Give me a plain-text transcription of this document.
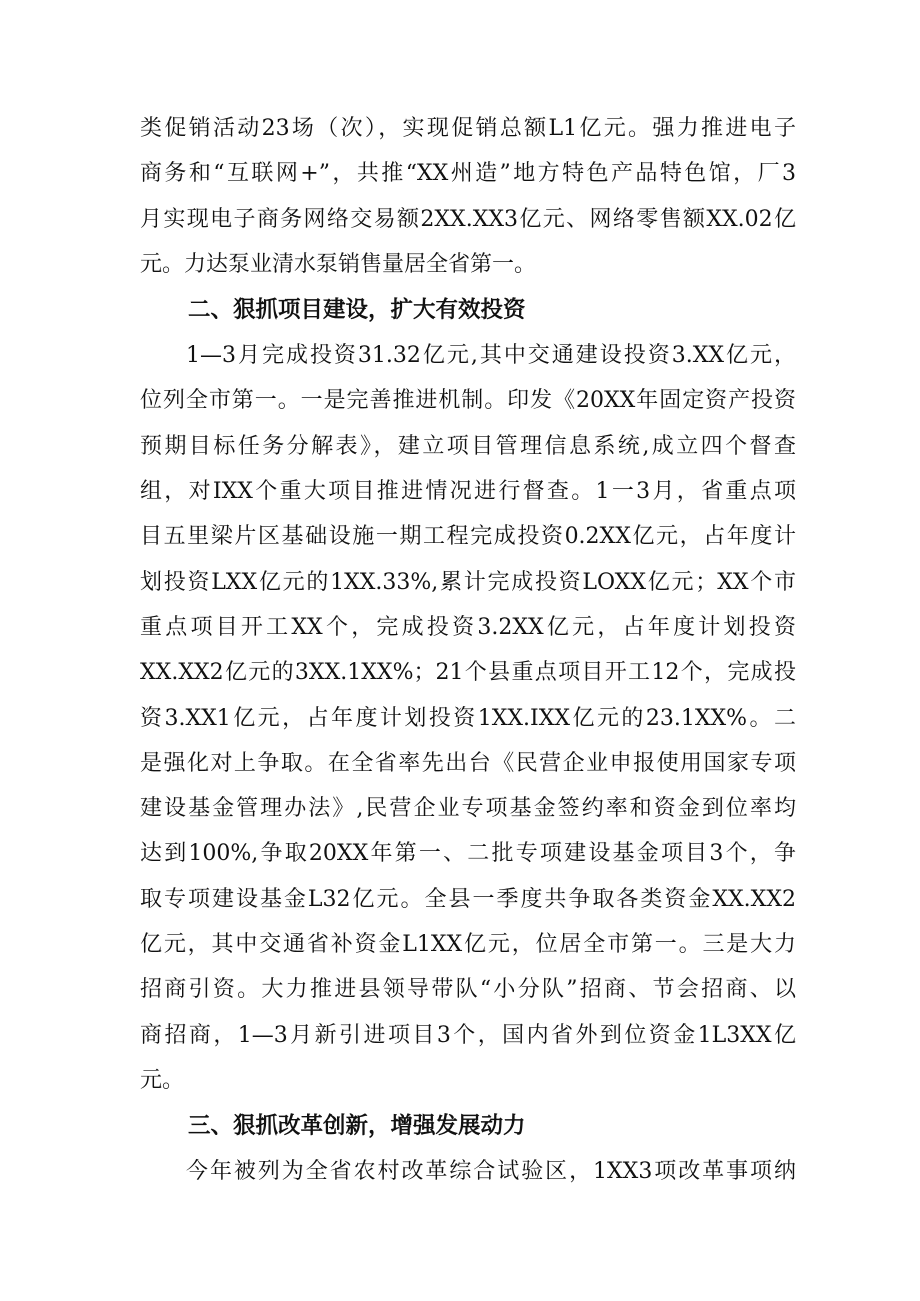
类促销活动23场（次），实现促销总额L1亿元。强力推进电子
商务和“互联网+”，共推“XX州造”地方特色产品特色馆，厂3
月实现电子商务网络交易额2XX.XX3亿元、网络零售额XX.02亿
元。力达泵业清水泵销售量居全省第一。
二、狠抓项目建设，扩大有效投资
1—3月完成投资31.32亿元,其中交通建设投资3.XX亿元，
位列全市第一。一是完善推进机制。印发《20XX年固定资产投资
预期目标任务分解表》，建立项目管理信息系统,成立四个督查
组，对IXX个重大项目推进情况进行督查。1一3月，省重点项
目五里梁片区基础设施一期工程完成投资0.2XX亿元，占年度计
划投资LXX亿元的1XX.33%,累计完成投资LOXX亿元；XX个市
重点项目开工XX个，完成投资3.2XX亿元，占年度计划投资
XX.XX2亿元的3XX.1XX%；21个县重点项目开工12个，完成投
资3.XX1亿元，占年度计划投资1XX.IXX亿元的23.1XX%。二
是强化对上争取。在全省率先出台《民营企业申报使用国家专项
建设基金管理办法》,民营企业专项基金签约率和资金到位率均
达到100%,争取20XX年第一、二批专项建设基金项目3个，争
取专项建设基金L32亿元。全县一季度共争取各类资金XX.XX2
亿元，其中交通省补资金L1XX亿元，位居全市第一。三是大力
招商引资。大力推进县领导带队“小分队”招商、节会招商、以
商招商，1—3月新引进项目3个，国内省外到位资金1L3XX亿
元。
三、狠抓改革创新，增强发展动力
今年被列为全省农村改革综合试验区，1XX3项改革事项纳
